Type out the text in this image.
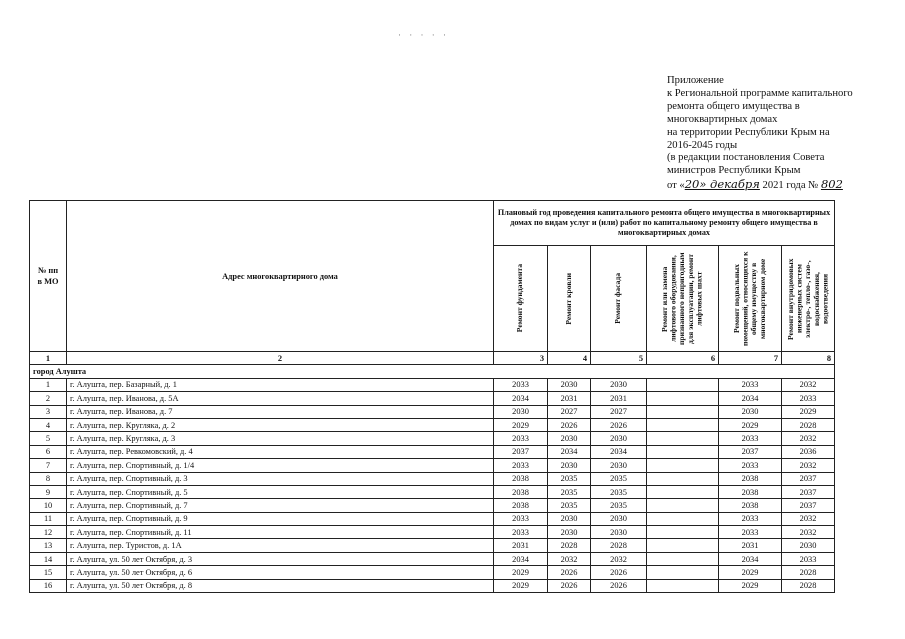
· · · · ·
Приложение
к Региональной программе капитального
ремонта общего имущества в
многоквартирных домах
на территории Республики Крым на
2016-2045 годы
(в редакции постановления Совета
министров Республики Крым
от «20» декабря 2021 года № 802
№ пп
в МО	Адрес многоквартирного дома	Плановый год проведения капитального ремонта общего имущества в многоквартирных домах по видам услуг и (или) работ по капитальному ремонту общего имущества в многоквартирных домах					

		Ремонт фундамента	Ремонт кровли	Ремонт фасада	Ремонт или замена лифтового оборудования, признанного непригодным для эксплуатации, ремонт лифтовых шахт	Ремонт подвальных помещений, относящихся к общему имуществу в многоквартирном доме	Ремонт внутридомовых инженерных систем электро-, тепло-, газо-, водоснабжения, водоотведения

1	2	3	4	5	6	7	8
город Алушта							
1	г. Алушта, пер. Базарный, д. 1	2033	2030	2030		2033	2032
2	г. Алушта, пер. Иванова, д. 5А	2034	2031	2031		2034	2033
3	г. Алушта, пер. Иванова, д. 7	2030	2027	2027		2030	2029
4	г. Алушта, пер. Кругляка, д. 2	2029	2026	2026		2029	2028
5	г. Алушта, пер. Кругляка, д. 3	2033	2030	2030		2033	2032
6	г. Алушта, пер. Ревкомовский, д. 4	2037	2034	2034		2037	2036
7	г. Алушта, пер. Спортивный, д. 1/4	2033	2030	2030		2033	2032
8	г. Алушта, пер. Спортивный, д. 3	2038	2035	2035		2038	2037
9	г. Алушта, пер. Спортивный, д. 5	2038	2035	2035		2038	2037
10	г. Алушта, пер. Спортивный, д. 7	2038	2035	2035		2038	2037
11	г. Алушта, пер. Спортивный, д. 9	2033	2030	2030		2033	2032
12	г. Алушта, пер. Спортивный, д. 11	2033	2030	2030		2033	2032
13	г. Алушта, пер. Туристов, д. 1А	2031	2028	2028		2031	2030
14	г. Алушта, ул. 50 лет Октября, д. 3	2034	2032	2032		2034	2033
15	г. Алушта, ул. 50 лет Октября, д. 6	2029	2026	2026		2029	2028
16	г. Алушта, ул. 50 лет Октября, д. 8	2029	2026	2026		2029	2028
